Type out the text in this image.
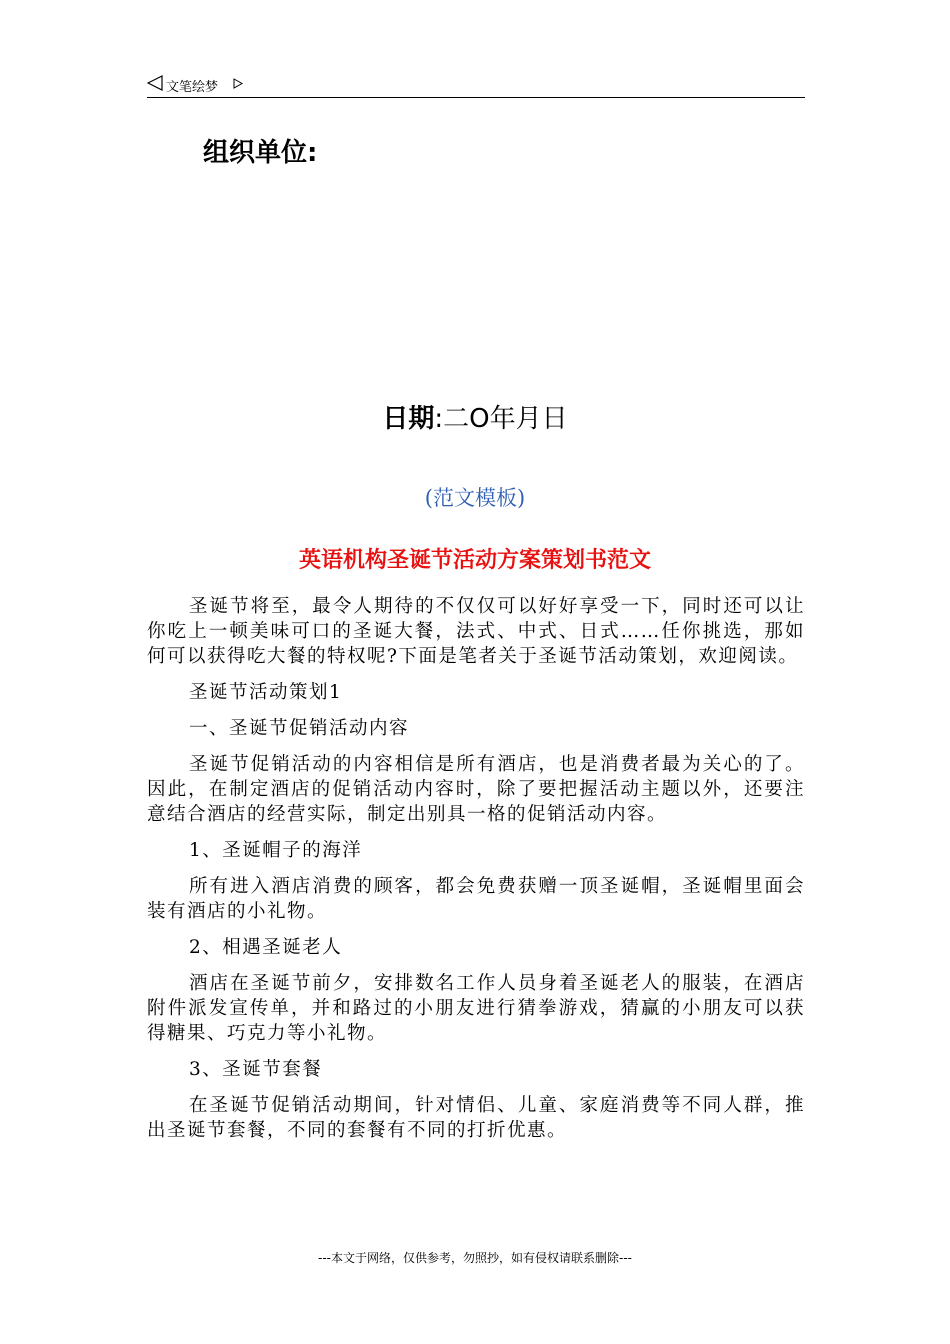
文笔绘梦
组织单位:
日期:二O年月日
(范文模板)
英语机构圣诞节活动方案策划书范文

圣诞节将至，最令人期待的不仅仅可以好好享受一下，同时还可以让你吃上一顿美味可口的圣诞大餐，法式、中式、日式……任你挑选，那如何可以获得吃大餐的特权呢?下面是笔者关于圣诞节活动策划，欢迎阅读。

圣诞节活动策划1

一、圣诞节促销活动内容

圣诞节促销活动的内容相信是所有酒店，也是消费者最为关心的了。因此，在制定酒店的促销活动内容时，除了要把握活动主题以外，还要注意结合酒店的经营实际，制定出别具一格的促销活动内容。

1、圣诞帽子的海洋

所有进入酒店消费的顾客，都会免费获赠一顶圣诞帽，圣诞帽里面会装有酒店的小礼物。

2、相遇圣诞老人

酒店在圣诞节前夕，安排数名工作人员身着圣诞老人的服装，在酒店附件派发宣传单，并和路过的小朋友进行猜拳游戏，猜赢的小朋友可以获得糖果、巧克力等小礼物。

3、圣诞节套餐

在圣诞节促销活动期间，针对情侣、儿童、家庭消费等不同人群，推出圣诞节套餐，不同的套餐有不同的打折优惠。

---本文于网络，仅供参考，勿照抄，如有侵权请联系删除---
